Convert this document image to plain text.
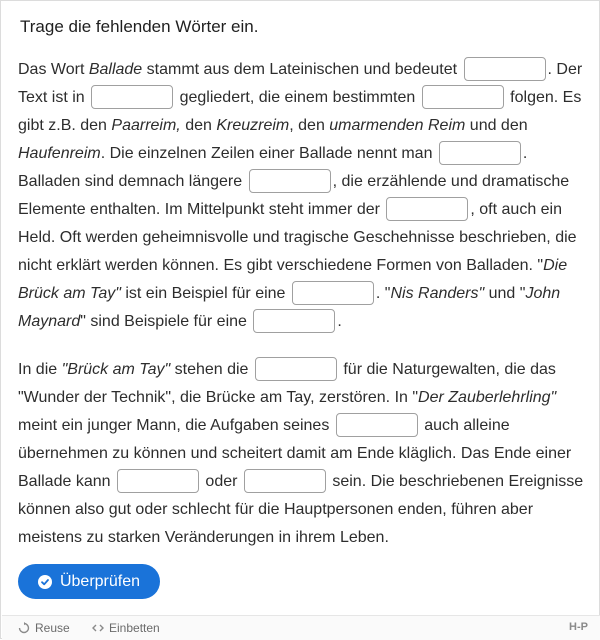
Trage die fehlenden Wörter ein.

Das Wort Ballade stammt aus dem Lateinischen und bedeutet	. Der Text ist in	gegliedert, die einem bestimmten	folgen. Es gibt z.B. den Paarreim, den Kreuzreim, den umarmenden Reim und den Haufenreim. Die einzelnen Zeilen einer Ballade nennt man	. Balladen sind demnach längere	, die erzählende und dramatische Elemente enthalten. Im Mittelpunkt steht immer der	, oft auch ein Held. Oft werden geheimnisvolle und tragische Geschehnisse beschrieben, die nicht erklärt werden können. Es gibt verschiedene Formen von Balladen. "Die Brück am Tay" ist ein Beispiel für eine	. "Nis Randers" und "John Maynard" sind Beispiele für eine	.

In die "Brück am Tay" stehen die	für die Naturgewalten, die das "Wunder der Technik", die Brücke am Tay, zerstören. In "Der Zauberlehrling" meint ein junger Mann, die Aufgaben seines	auch alleine übernehmen zu können und scheitert damit am Ende kläglich. Das Ende einer Ballade kann	oder	sein. Die beschriebenen Ereignisse können also gut oder schlecht für die Hauptpersonen enden, führen aber meistens zu starken Veränderungen in ihrem Leben.

Überprüfen
Reuse	Einbetten	H-P
